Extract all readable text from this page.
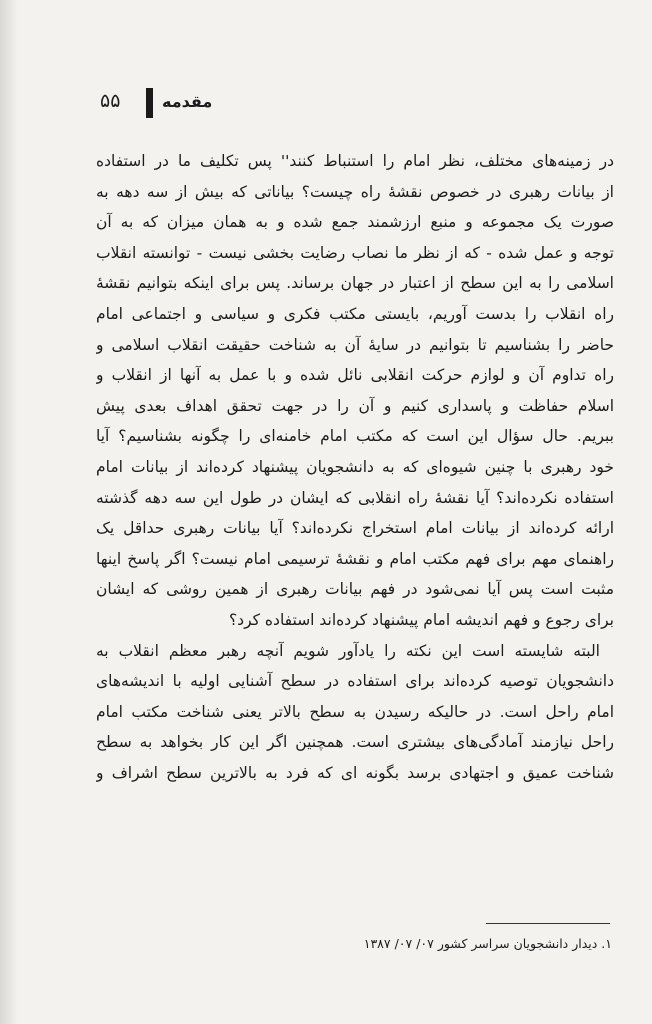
۵۵	مقدمه
در زمینه‌های مختلف، نظر امام را استنباط کنند'' پس تکلیف ما در استفاده
از بیانات رهبری در خصوص نقشهٔ راه چیست؟ بیاناتی که بیش از سه دهه به
صورت یک مجموعه و منبع ارزشمند جمع شده و به همان میزان که به آن
توجه و عمل شده - که از نظر ما نصاب رضایت بخشی نیست - توانسته انقلاب
اسلامی را به این سطح از اعتبار در جهان برساند. پس برای اینکه بتوانیم نقشهٔ
راه انقلاب را بدست آوریم، بایستی مکتب فکری و سیاسی و اجتماعی امام
حاضر را بشناسیم تا بتوانیم در سایهٔ آن به شناخت حقیقت انقلاب اسلامی و
راه تداوم آن و لوازم حرکت انقلابی نائل شده و با عمل به آنها از انقلاب و
اسلام حفاظت و پاسداری کنیم و آن را در جهت تحقق اهداف بعدی پیش
ببریم. حال سؤال این است که مکتب امام خامنه‌ای را چگونه بشناسیم؟ آیا
خود رهبری با چنین شیوه‌ای که به دانشجویان پیشنهاد کرده‌اند از بیانات امام
استفاده نکرده‌اند؟ آیا نقشهٔ راه انقلابی که ایشان در طول این سه دهه گذشته
ارائه کرده‌اند از بیانات امام استخراج نکرده‌اند؟ آیا بیانات رهبری حداقل یک
راهنمای مهم برای فهم مکتب امام و نقشهٔ ترسیمی امام نیست؟ اگر پاسخ اینها
مثبت است پس آیا نمی‌شود در فهم بیانات رهبری از همین روشی که ایشان
برای رجوع و فهم اندیشه امام پیشنهاد کرده‌اند استفاده کرد؟
البته شایسته است این نکته را یادآور شویم آنچه رهبر معظم انقلاب به
دانشجویان توصیه کرده‌اند برای استفاده در سطح آشنایی اولیه با اندیشه‌های
امام راحل است. در حالیکه رسیدن به سطح بالاتر یعنی شناخت مکتب امام
راحل نیازمند آمادگی‌های بیشتری است. همچنین اگر این کار بخواهد به سطح
شناخت عمیق و اجتهادی برسد بگونه ای که فرد به بالاترین سطح اشراف و
۱. دیدار دانشجویان سراسر کشور ۰۷/ ۰۷/ ۱۳۸۷
